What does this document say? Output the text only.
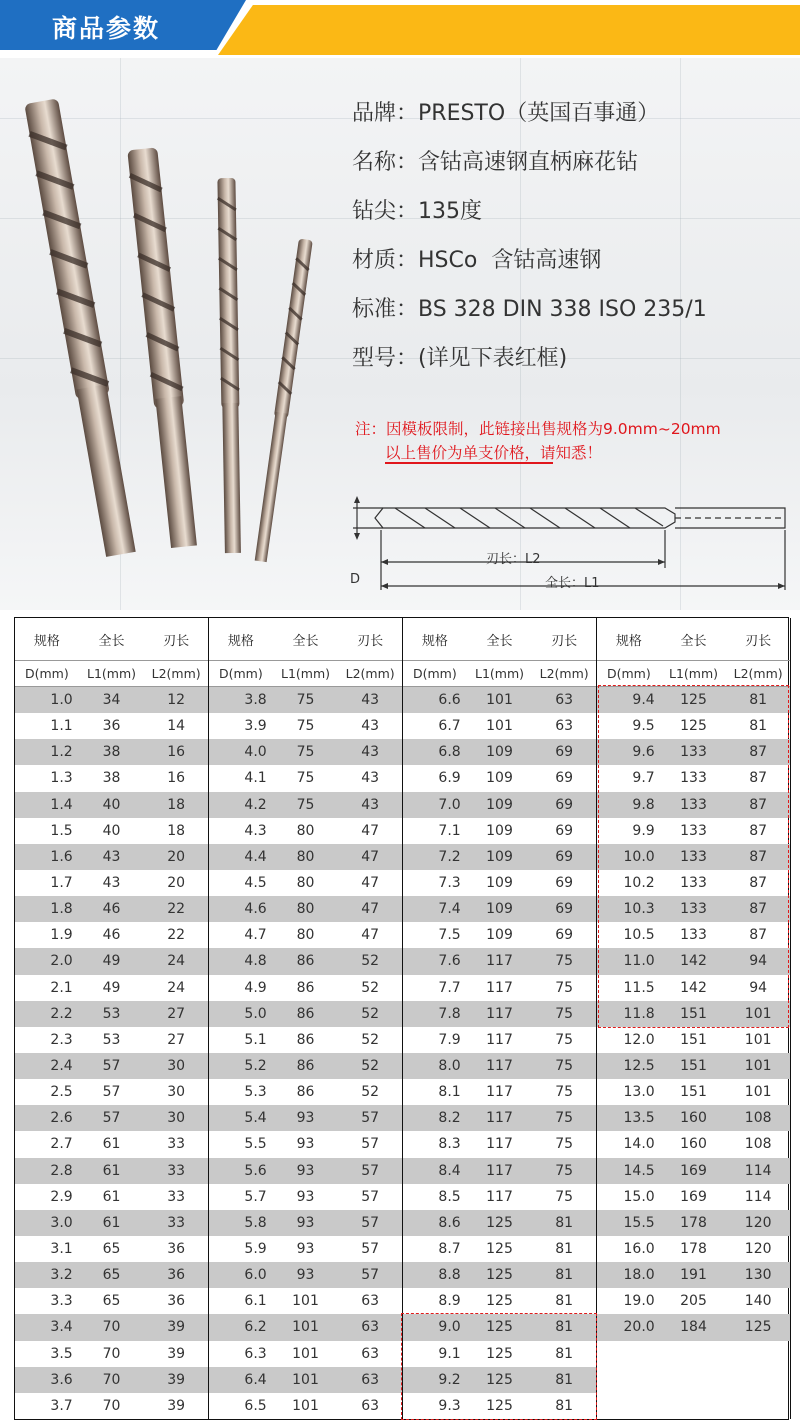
商品参数
品牌：PRESTO（英国百事通）
名称：含钴高速钢直柄麻花钻
钻尖：135度
材质：HSCo  含钴高速钢
标准：BS 328 DIN 338 ISO 235/1
型号：(详见下表红框)
注：因模板限制，此链接出售规格为9.0mm~20mm
以上售价为单支价格，请知悉！
D
刃长：L2
全长：L1
规格	全长	刃长
D(mm)	L1(mm)	L2(mm)
1.0	34	12
1.1	36	14
1.2	38	16
1.3	38	16
1.4	40	18
1.5	40	18
1.6	43	20
1.7	43	20
1.8	46	22
1.9	46	22
2.0	49	24
2.1	49	24
2.2	53	27
2.3	53	27
2.4	57	30
2.5	57	30
2.6	57	30
2.7	61	33
2.8	61	33
2.9	61	33
3.0	61	33
3.1	65	36
3.2	65	36
3.3	65	36
3.4	70	39
3.5	70	39
3.6	70	39
3.7	70	39
规格	全长	刃长
D(mm)	L1(mm)	L2(mm)
3.8	75	43
3.9	75	43
4.0	75	43
4.1	75	43
4.2	75	43
4.3	80	47
4.4	80	47
4.5	80	47
4.6	80	47
4.7	80	47
4.8	86	52
4.9	86	52
5.0	86	52
5.1	86	52
5.2	86	52
5.3	86	52
5.4	93	57
5.5	93	57
5.6	93	57
5.7	93	57
5.8	93	57
5.9	93	57
6.0	93	57
6.1	101	63
6.2	101	63
6.3	101	63
6.4	101	63
6.5	101	63
规格	全长	刃长
D(mm)	L1(mm)	L2(mm)
6.6	101	63
6.7	101	63
6.8	109	69
6.9	109	69
7.0	109	69
7.1	109	69
7.2	109	69
7.3	109	69
7.4	109	69
7.5	109	69
7.6	117	75
7.7	117	75
7.8	117	75
7.9	117	75
8.0	117	75
8.1	117	75
8.2	117	75
8.3	117	75
8.4	117	75
8.5	117	75
8.6	125	81
8.7	125	81
8.8	125	81
8.9	125	81
9.0	125	81
9.1	125	81
9.2	125	81
9.3	125	81
规格	全长	刃长
D(mm)	L1(mm)	L2(mm)
9.4	125	81
9.5	125	81
9.6	133	87
9.7	133	87
9.8	133	87
9.9	133	87
10.0	133	87
10.2	133	87
10.3	133	87
10.5	133	87
11.0	142	94
11.5	142	94
11.8	151	101
12.0	151	101
12.5	151	101
13.0	151	101
13.5	160	108
14.0	160	108
14.5	169	114
15.0	169	114
15.5	178	120
16.0	178	120
18.0	191	130
19.0	205	140
20.0	184	125
